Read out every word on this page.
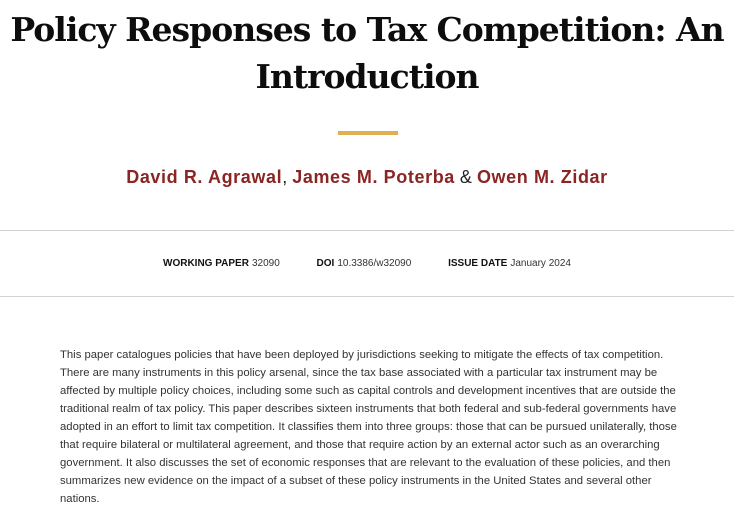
Policy Responses to Tax Competition: An Introduction
David R. Agrawal, James M. Poterba & Owen M. Zidar
WORKING PAPER 32090	DOI 10.3386/w32090	ISSUE DATE January 2024

This paper catalogues policies that have been deployed by jurisdictions seeking to mitigate the effects of tax competition. There are many instruments in this policy arsenal, since the tax base associated with a particular tax instrument may be affected by multiple policy choices, including some such as capital controls and development incentives that are outside the traditional realm of tax policy. This paper describes sixteen instruments that both federal and sub-federal governments have adopted in an effort to limit tax competition. It classifies them into three groups: those that can be pursued unilaterally, those that require bilateral or multilateral agreement, and those that require action by an external actor such as an overarching government. It also discusses the set of economic responses that are relevant to the evaluation of these policies, and then summarizes new evidence on the impact of a subset of these policy instruments in the United States and several other nations.
